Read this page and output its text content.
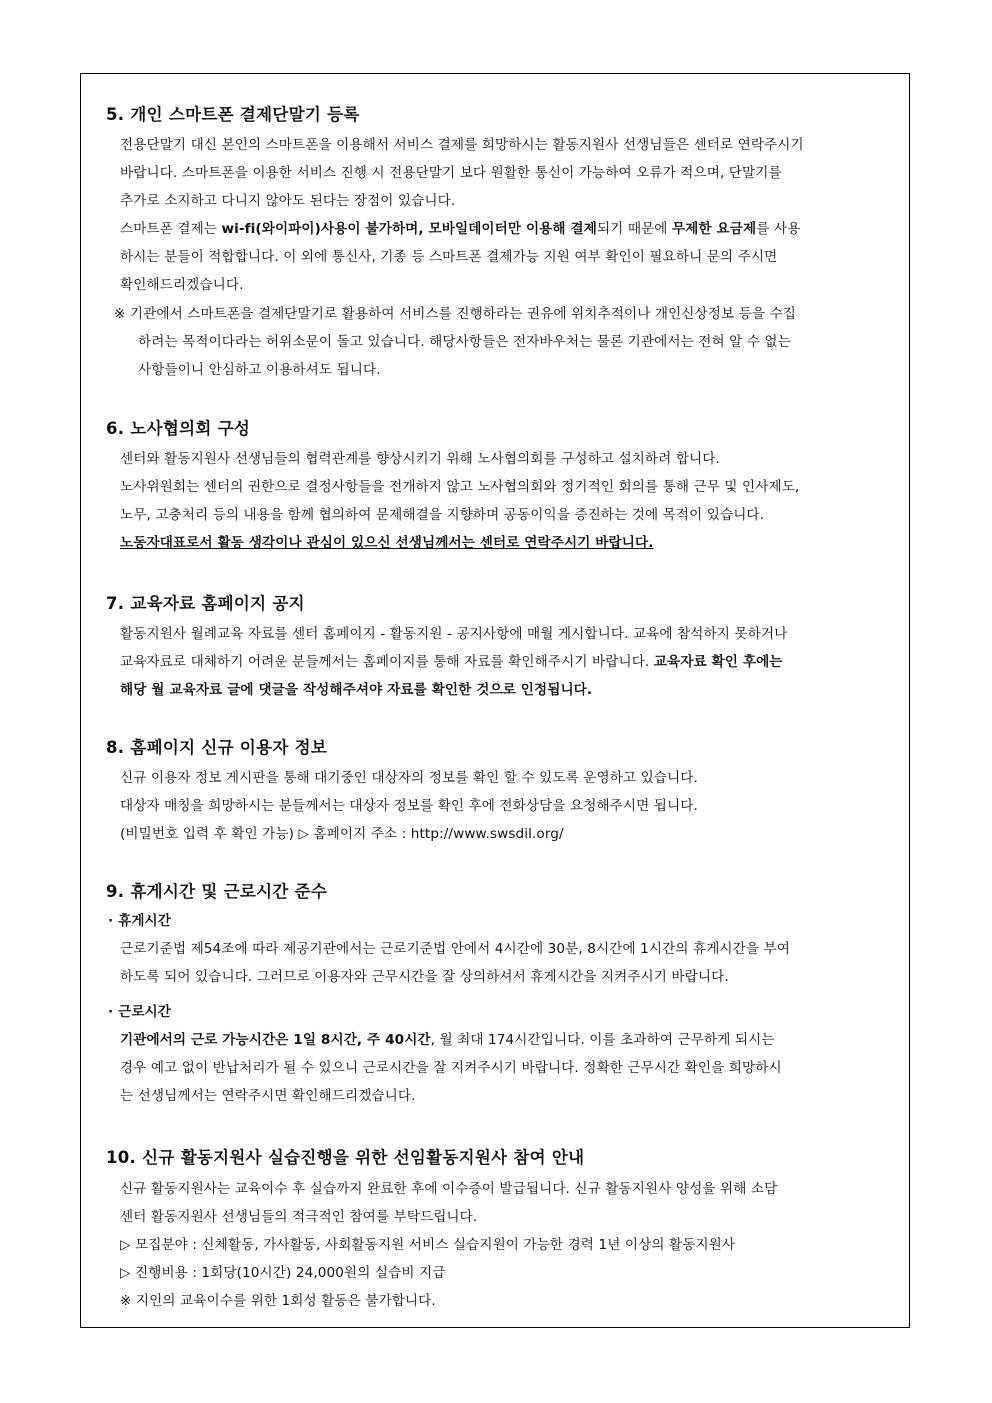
5. 개인 스마트폰 결제단말기 등록
전용단말기 대신 본인의 스마트폰을 이용해서 서비스 결제를 희망하시는 활동지원사 선생님들은 센터로 연락주시기
바랍니다. 스마트폰을 이용한 서비스 진행 시 전용단말기 보다 원활한 통신이 가능하여 오류가 적으며, 단말기를
추가로 소지하고 다니지 않아도 된다는 장점이 있습니다.
스마트폰 결제는 wi-fi(와이파이)사용이 불가하며, 모바일데이터만 이용해 결제되기 때문에 무제한 요금제를 사용
하시는 분들이 적합합니다. 이 외에 통신사, 기종 등 스마트폰 결제가능 지원 여부 확인이 필요하니 문의 주시면
확인해드리겠습니다.
※ 기관에서 스마트폰을 결제단말기로 활용하여 서비스를 진행하라는 권유에 위치추적이나 개인신상정보 등을 수집
하려는 목적이다라는 허위소문이 돌고 있습니다. 해당사항들은 전자바우처는 물론 기관에서는 전혀 알 수 없는
사항들이니 안심하고 이용하셔도 됩니다.
6. 노사협의회 구성
센터와 활동지원사 선생님들의 협력관계를 향상시키기 위해 노사협의회를 구성하고 설치하려 합니다.
노사위원회는 센터의 권한으로 결정사항들을 전개하지 않고 노사협의회와 정기적인 회의를 통해 근무 및 인사제도,
노무, 고충처리 등의 내용을 함께 협의하여 문제해결을 지향하며 공동이익을 증진하는 것에 목적이 있습니다.
노동자대표로서 활동 생각이나 관심이 있으신 선생님께서는 센터로 연락주시기 바랍니다.
7. 교육자료 홈페이지 공지
활동지원사 월례교육 자료를 센터 홈페이지 - 활동지원 - 공지사항에 매월 게시합니다. 교육에 참석하지 못하거나
교육자료로 대체하기 어려운 분들께서는 홈페이지를 통해 자료를 확인해주시기 바랍니다. 교육자료 확인 후에는
해당 월 교육자료 글에 댓글을 작성해주셔야 자료를 확인한 것으로 인정됩니다.
8. 홈페이지 신규 이용자 정보
신규 이용자 정보 게시판을 통해 대기중인 대상자의 정보를 확인 할 수 있도록 운영하고 있습니다.
대상자 매칭을 희망하시는 분들께서는 대상자 정보를 확인 후에 전화상담을 요청해주시면 됩니다.
(비밀번호 입력 후 확인 가능) ▷ 홈페이지 주소 : http://www.swsdil.org/
9. 휴게시간 및 근로시간 준수
· 휴게시간
근로기준법 제54조에 따라 제공기관에서는 근로기준법 안에서 4시간에 30분, 8시간에 1시간의 휴게시간을 부여
하도록 되어 있습니다. 그러므로 이용자와 근무시간을 잘 상의하셔서 휴게시간을 지켜주시기 바랍니다.
· 근로시간
기관에서의 근로 가능시간은 1일 8시간, 주 40시간, 월 최대 174시간입니다. 이를 초과하여 근무하게 되시는
경우 예고 없이 반납처리가 될 수 있으니 근로시간을 잘 지켜주시기 바랍니다. 정확한 근무시간 확인을 희망하시
는 선생님께서는 연락주시면 확인해드리겠습니다.
10. 신규 활동지원사 실습진행을 위한 선임활동지원사 참여 안내
신규 활동지원사는 교육이수 후 실습까지 완료한 후에 이수증이 발급됩니다. 신규 활동지원사 양성을 위해 소담
센터 활동지원사 선생님들의 적극적인 참여를 부탁드립니다.
▷ 모집분야 : 신체활동, 가사활동, 사회활동지원 서비스 실습지원이 가능한 경력 1년 이상의 활동지원사
▷ 진행비용 : 1회당(10시간) 24,000원의 실습비 지급
※ 지인의 교육이수를 위한 1회성 활동은 불가합니다.
